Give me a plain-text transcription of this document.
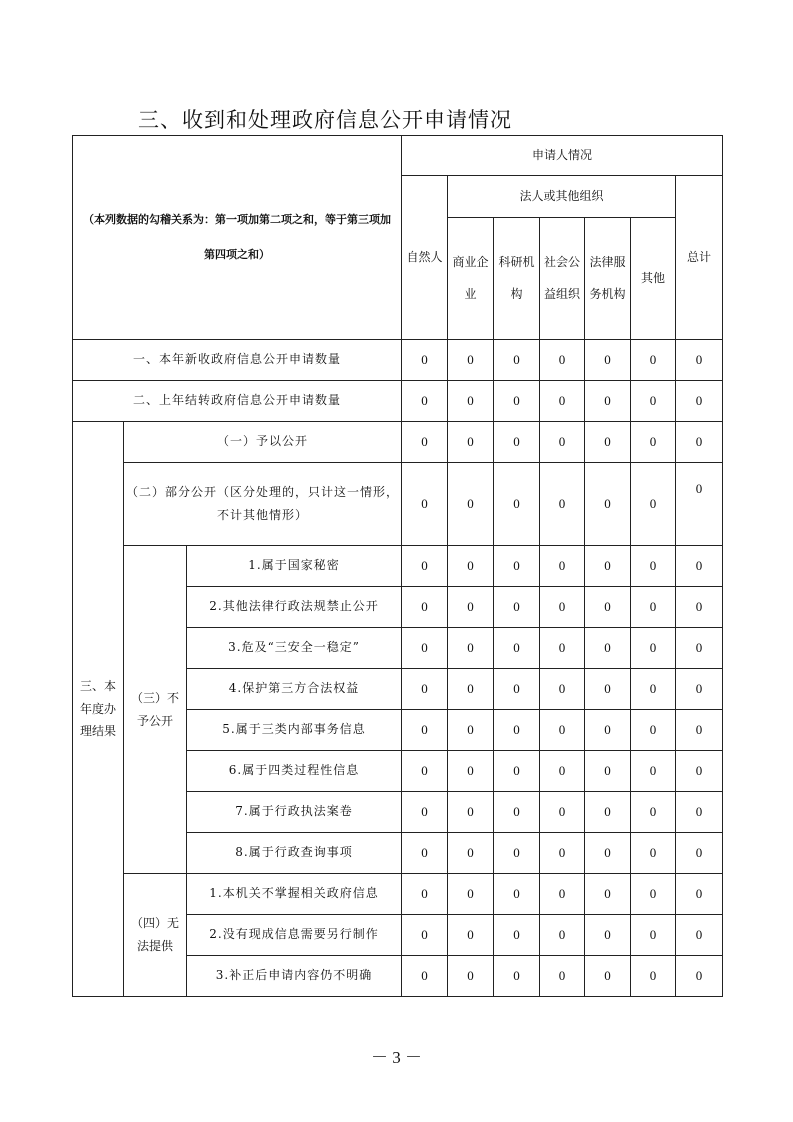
三、收到和处理政府信息公开申请情况
（本列数据的勾稽关系为：第一项加第二项之和，等于第三项加第四项之和）			申请人情况						
			自然人	法人或其他组织					总计
				商业企业	科研机构	社会公益组织	法律服务机构	其他	
一、本年新收政府信息公开申请数量			0	0	0	0	0	0	0
二、上年结转政府信息公开申请数量			0	0	0	0	0	0	0
三、本年度办理结果	（一）予以公开		0	0	0	0	0	0	0
	（二）部分公开（区分处理的，只计这一情形，不计其他情形）		0	0	0	0	0	0	0
	（三）不予公开	1.属于国家秘密	0	0	0	0	0	0	0
		2.其他法律行政法规禁止公开	0	0	0	0	0	0	0
		3.危及“三安全一稳定”	0	0	0	0	0	0	0
		4.保护第三方合法权益	0	0	0	0	0	0	0
		5.属于三类内部事务信息	0	0	0	0	0	0	0
		6.属于四类过程性信息	0	0	0	0	0	0	0
		7.属于行政执法案卷	0	0	0	0	0	0	0
		8.属于行政查询事项	0	0	0	0	0	0	0
	（四）无法提供	1.本机关不掌握相关政府信息	0	0	0	0	0	0	0
		2.没有现成信息需要另行制作	0	0	0	0	0	0	0
		3.补正后申请内容仍不明确	0	0	0	0	0	0	0
－ 3 －
